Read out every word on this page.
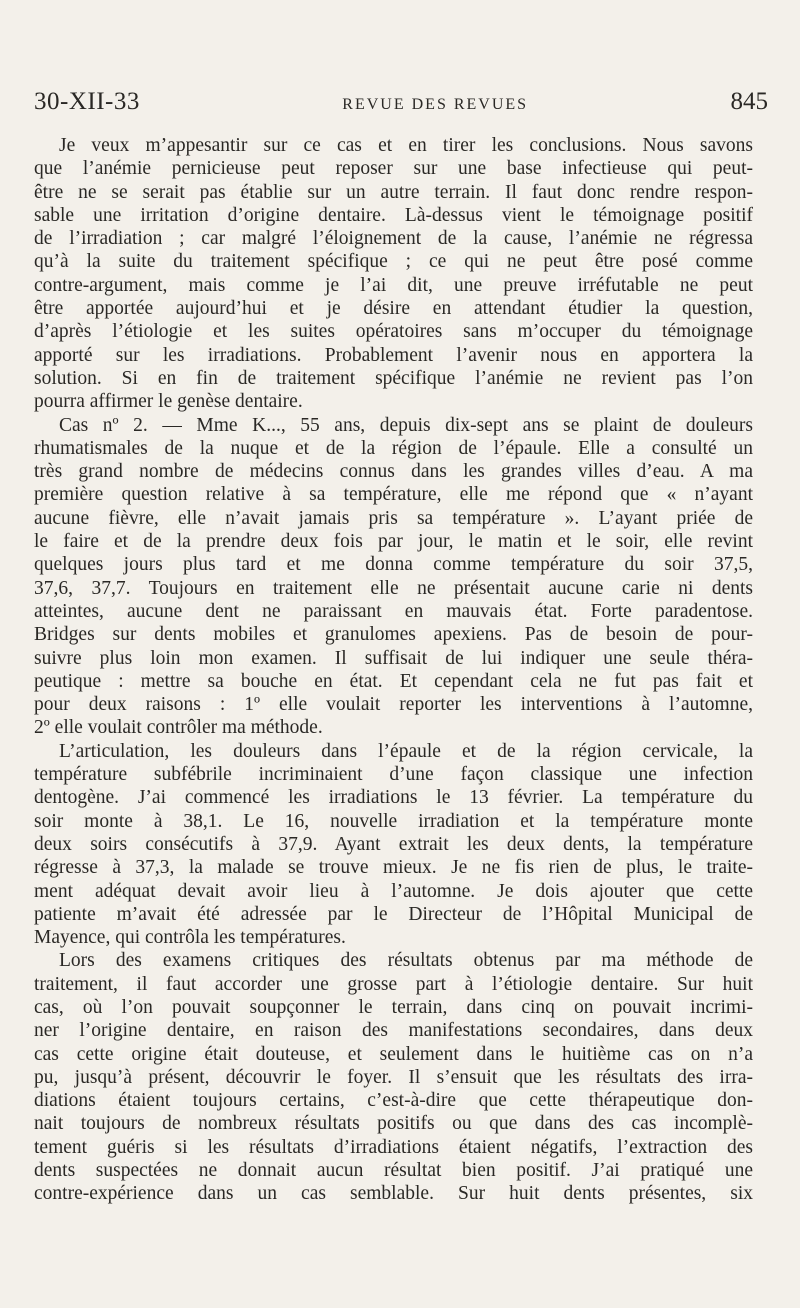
30-XII-33	REVUE DES REVUES	845
Je veux m’appesantir sur ce cas et en tirer les conclusions. Nous savons
que l’anémie pernicieuse peut reposer sur une base infectieuse qui peut-
être ne se serait pas établie sur un autre terrain. Il faut donc rendre respon-
sable une irritation d’origine dentaire. Là-dessus vient le témoignage positif
de l’irradiation ; car malgré l’éloignement de la cause, l’anémie ne régressa
qu’à la suite du traitement spécifique ; ce qui ne peut être posé comme
contre-argument, mais comme je l’ai dit, une preuve irréfutable ne peut
être apportée aujourd’hui et je désire en attendant étudier la question,
d’après l’étiologie et les suites opératoires sans m’occuper du témoignage
apporté sur les irradiations. Probablement l’avenir nous en apportera la
solution. Si en fin de traitement spécifique l’anémie ne revient pas l’on
pourra affirmer le genèse dentaire.
Cas nº 2. — Mme K..., 55 ans, depuis dix-sept ans se plaint de douleurs
rhumatismales de la nuque et de la région de l’épaule. Elle a consulté un
très grand nombre de médecins connus dans les grandes villes d’eau. A ma
première question relative à sa température, elle me répond que « n’ayant
aucune fièvre, elle n’avait jamais pris sa température ». L’ayant priée de
le faire et de la prendre deux fois par jour, le matin et le soir, elle revint
quelques jours plus tard et me donna comme température du soir 37,5,
37,6, 37,7. Toujours en traitement elle ne présentait aucune carie ni dents
atteintes, aucune dent ne paraissant en mauvais état. Forte paradentose.
Bridges sur dents mobiles et granulomes apexiens. Pas de besoin de pour-
suivre plus loin mon examen. Il suffisait de lui indiquer une seule théra-
peutique : mettre sa bouche en état. Et cependant cela ne fut pas fait et
pour deux raisons : 1º elle voulait reporter les interventions à l’automne,
2º elle voulait contrôler ma méthode.
L’articulation, les douleurs dans l’épaule et de la région cervicale, la
température subfébrile incriminaient d’une façon classique une infection
dentogène. J’ai commencé les irradiations le 13 février. La température du
soir monte à 38,1. Le 16, nouvelle irradiation et la température monte
deux soirs consécutifs à 37,9. Ayant extrait les deux dents, la température
régresse à 37,3, la malade se trouve mieux. Je ne fis rien de plus, le traite-
ment adéquat devait avoir lieu à l’automne. Je dois ajouter que cette
patiente m’avait été adressée par le Directeur de l’Hôpital Municipal de
Mayence, qui contrôla les températures.
Lors des examens critiques des résultats obtenus par ma méthode de
traitement, il faut accorder une grosse part à l’étiologie dentaire. Sur huit
cas, où l’on pouvait soupçonner le terrain, dans cinq on pouvait incrimi-
ner l’origine dentaire, en raison des manifestations secondaires, dans deux
cas cette origine était douteuse, et seulement dans le huitième cas on n’a
pu, jusqu’à présent, découvrir le foyer. Il s’ensuit que les résultats des irra-
diations étaient toujours certains, c’est-à-dire que cette thérapeutique don-
nait toujours de nombreux résultats positifs ou que dans des cas incomplè-
tement guéris si les résultats d’irradiations étaient négatifs, l’extraction des
dents suspectées ne donnait aucun résultat bien positif. J’ai pratiqué une
contre-expérience dans un cas semblable. Sur huit dents présentes, six
